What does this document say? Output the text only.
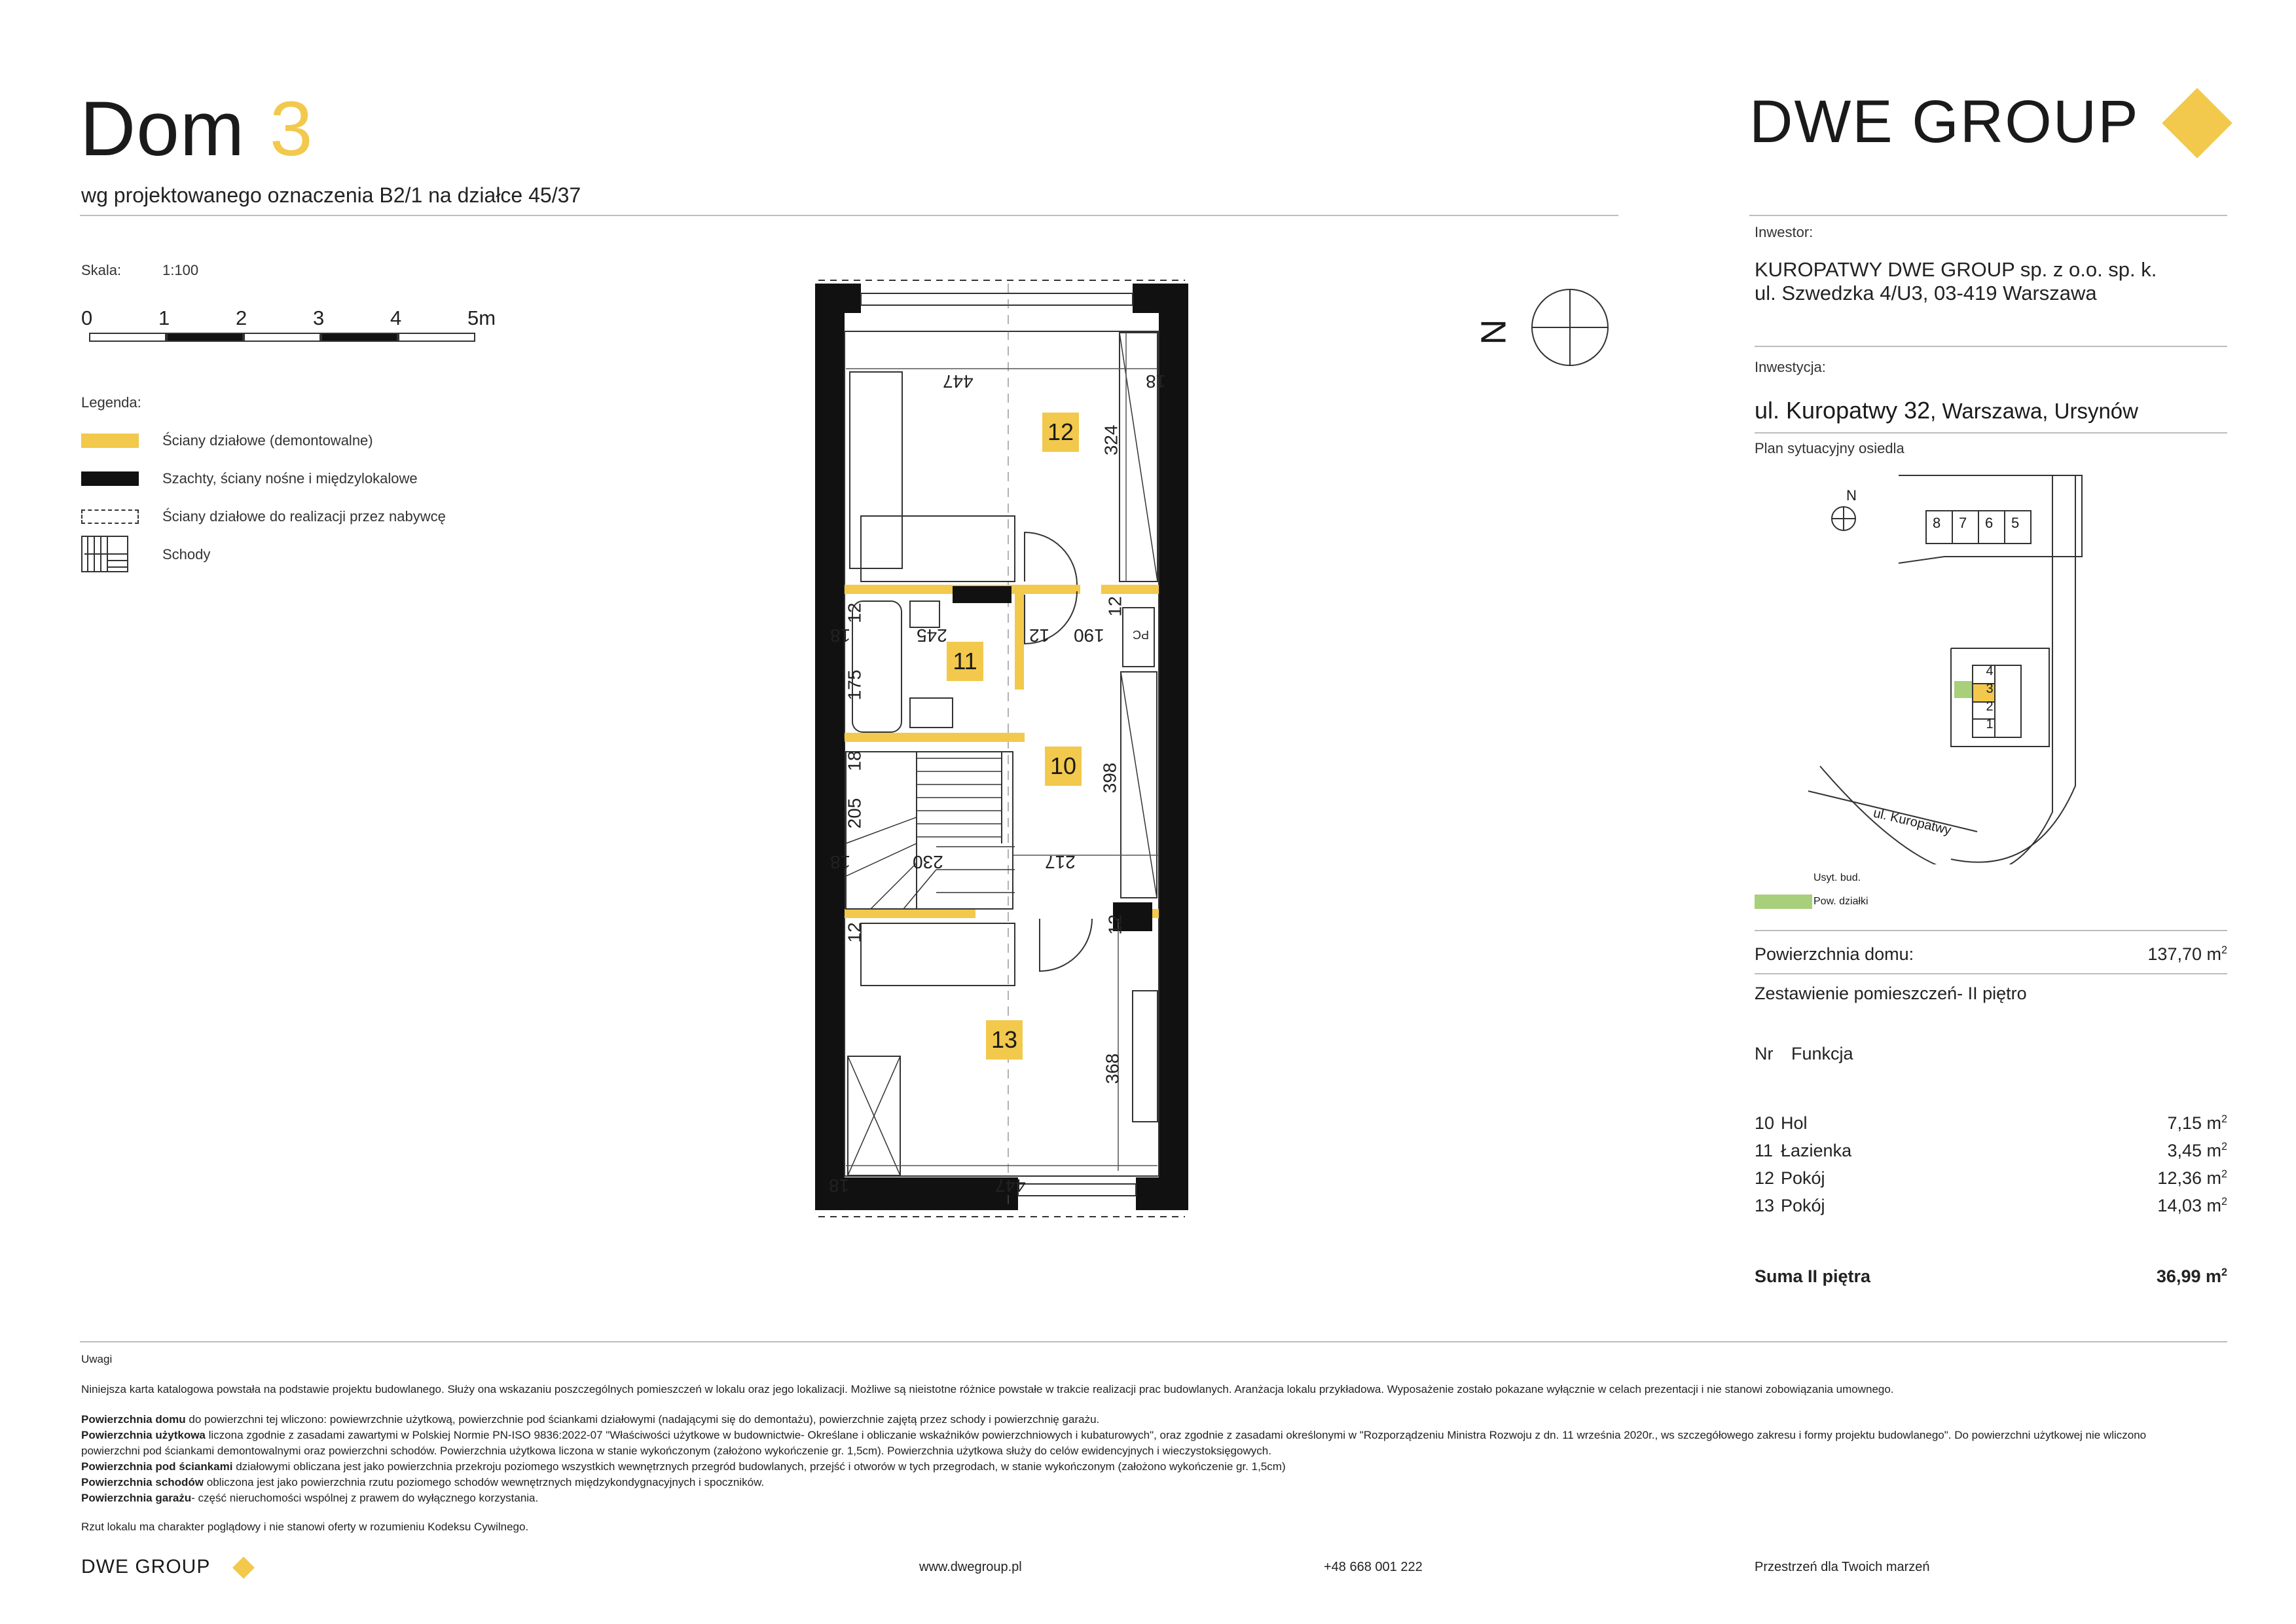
Dom 3
wg projektowanego oznaczenia B2/1 na działce 45/37
DWE GROUP
Skala:	1:100
0	1	2	3	4	5m
Legenda:
Ściany działowe (demontowalne)
Szachty, ściany nośne i międzylokalowe
Ściany działowe do realizacji przez nabywcę
Schody
12
11
10
13
447	18
324
12
12
18	245	12 190
175
398
18
205
18	230	217
12	12
368
18	447
PC
N
Inwestor:
KUROPATWY DWE GROUP sp. z o.o. sp. k.
ul. Szwedzka 4/U3, 03-419 Warszawa
Inwestycja:
ul. Kuropatwy 32, Warszawa, Ursynów
Plan sytuacyjny osiedla
8 7 6 5
N
4
3
2
1
ul. Kuropatwy
Usyt. bud.
Pow. działki
Powierzchnia domu:	137,70 $m^2$
Zestawienie pomieszczeń- II piętro
Nr Funkcja
10 Hol	7,15 $m^2$
11 Łazienka	3,45 $m^2$
12 Pokój	12,36 $m^2$
13 Pokój	14,03 $m^2$
Suma II piętra	36,99 $m^2$
Uwagi
Niniejsza karta katalogowa powstała na podstawie projektu budowlanego. Służy ona wskazaniu poszczególnych pomieszczeń w lokalu oraz jego lokalizacji. Możliwe są nieistotne różnice powstałe w trakcie realizacji prac budowlanych. Aranżacja lokalu przykładowa. Wyposażenie zostało pokazane wyłącznie w celach prezentacji i nie stanowi zobowiązania umownego.
Powierzchnia domu do powierzchni tej wliczono: powiewrzchnie użytkową, powierzchnie pod ściankami działowymi (nadającymi się do demontażu), powierzchnie zajętą przez schody i powierzchnię garażu.
Powierzchnia użytkowa liczona zgodnie z zasadami zawartymi w Polskiej Normie PN-ISO 9836:2022-07 "Właściwości użytkowe w budownictwie- Określane i obliczanie wskaźników powierzchniowych i kubaturowych", oraz zgodnie z zasadami określonymi w "Rozporządzeniu Ministra Rozwoju z dn. 11 września 2020r., ws szczegółowego zakresu i formy projektu budowlanego". Do powierzchni użytkowej nie wliczono powierzchni pod ściankami demontowalnymi oraz powierzchni schodów. Powierzchnia użytkowa liczona w stanie wykończonym (założono wykończenie gr. 1,5cm). Powierzchnia użytkowa służy do celów ewidencyjnych i wieczystoksięgowych.
Powierzchnia pod ściankami działowymi obliczana jest jako powierzchnia przekroju poziomego wszystkich wewnętrznych przegród budowlanych, przejść i otworów w tych przegrodach, w stanie wykończonym (założono wykończenie gr. 1,5cm)
Powierzchnia schodów obliczona jest jako powierzchnia rzutu poziomego schodów wewnętrznych międzykondygnacyjnych i spoczników.
Powierzchnia garażu- część nieruchomości wspólnej z prawem do wyłącznego korzystania.
Rzut lokalu ma charakter poglądowy i nie stanowi oferty w rozumieniu Kodeksu Cywilnego.
DWE GROUP	www.dwegroup.pl	+48 668 001 222	Przestrzeń dla Twoich marzeń
